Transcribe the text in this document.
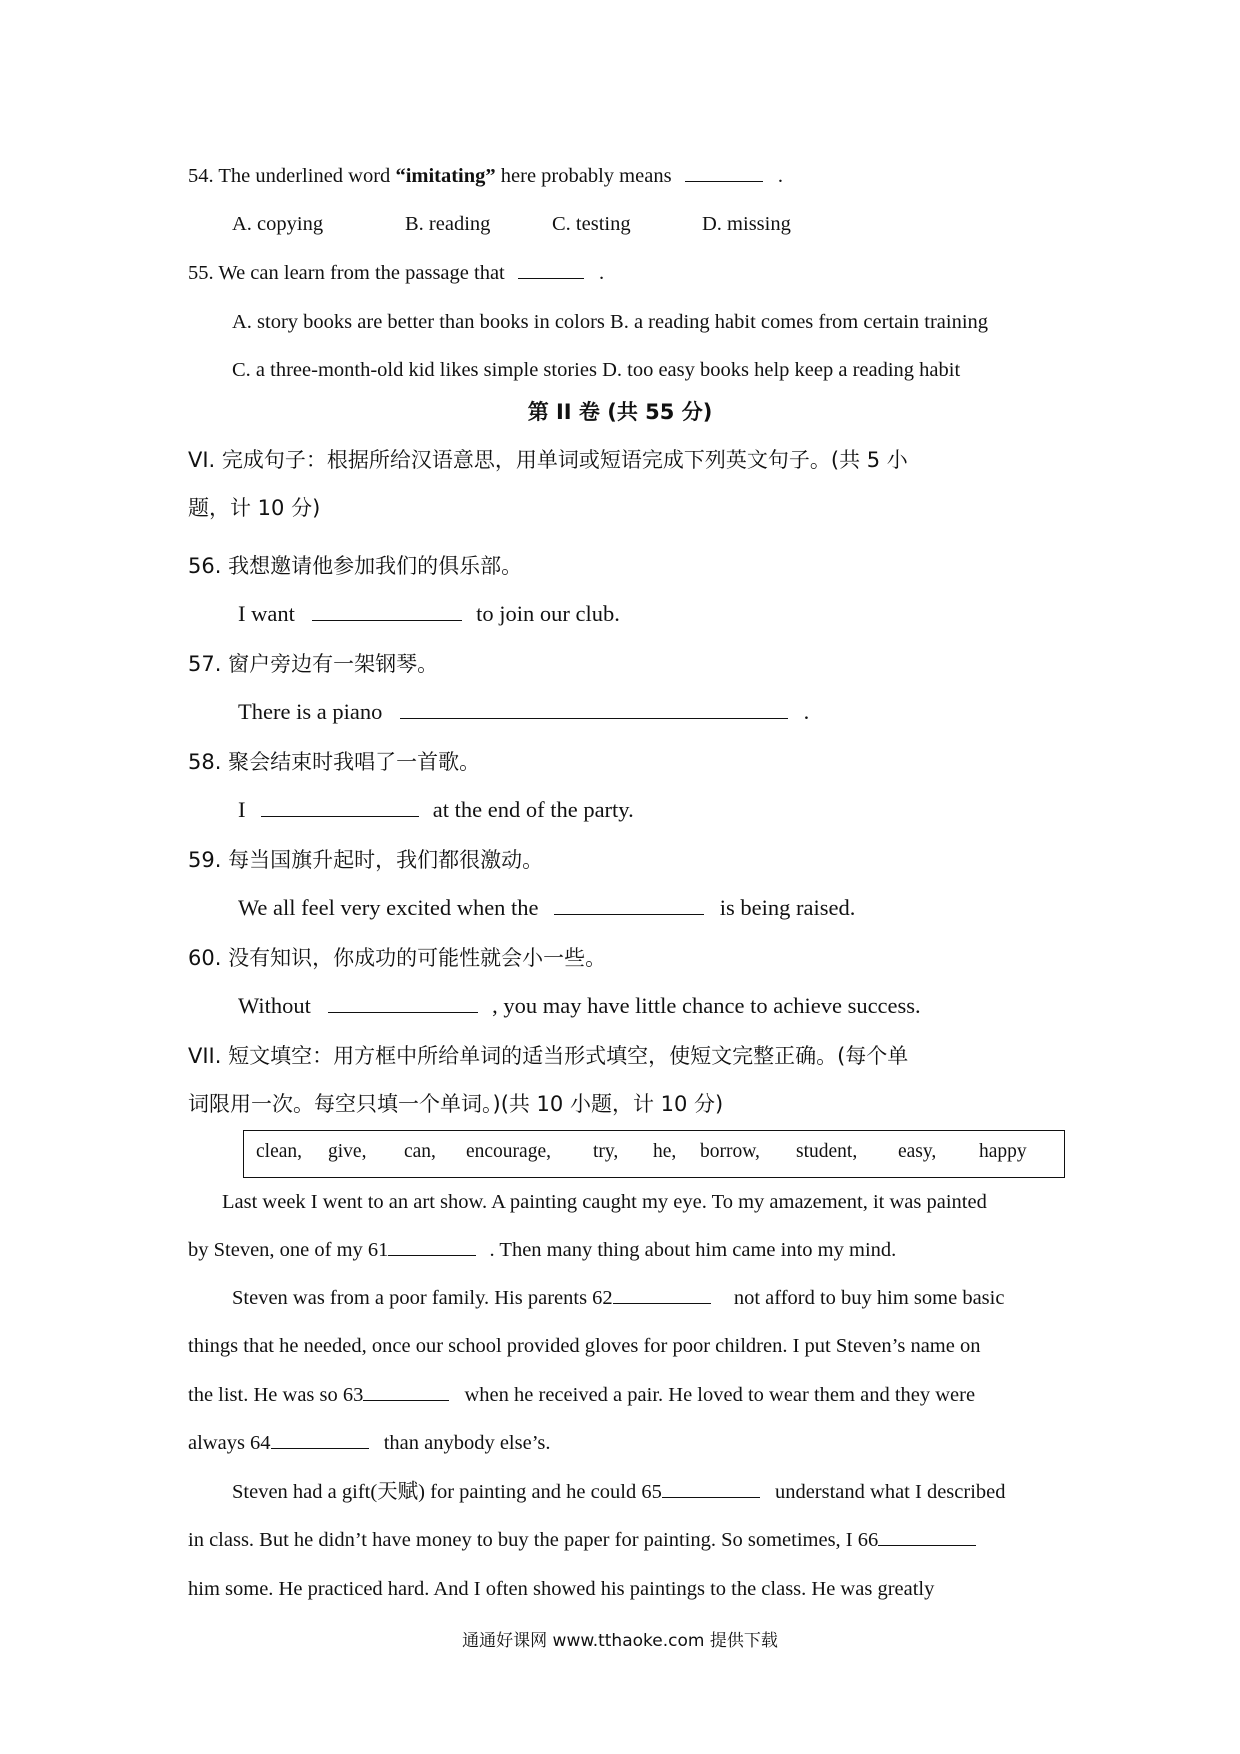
54. The underlined word “imitating” here probably means	.
A. copying	B. reading	C. testing	D. missing
55. We can learn from the passage that	.
A. story books are better than books in colors B. a reading habit comes from certain training
C. a three-month-old kid likes simple stories D. too easy books help keep a reading habit
第 II 卷 (共 55 分)
VI. 完成句子：根据所给汉语意思，用单词或短语完成下列英文句子。(共 5 小
题，计 10 分)
56. 我想邀请他参加我们的俱乐部。
I want	to join our club.
57. 窗户旁边有一架钢琴。
There is a piano	.
58. 聚会结束时我唱了一首歌。
I	at the end of the party.
59. 每当国旗升起时，我们都很激动。
We all feel very excited when the	is being raised.
60. 没有知识，你成功的可能性就会小一些。
Without	, you may have little chance to achieve success.
VII. 短文填空：用方框中所给单词的适当形式填空，使短文完整正确。(每个单
词限用一次。每空只填一个单词。)(共 10 小题，计 10 分)
clean, give, can, encourage, try, he, borrow, student, easy, happy
Last week I went to an art show. A painting caught my eye. To my amazement, it was painted
by Steven, one of my 61	. Then many thing about him came into my mind.
Steven was from a poor family. His parents 62	not afford to buy him some basic
things that he needed, once our school provided gloves for poor children. I put Steven’s name on
the list. He was so 63	when he received a pair. He loved to wear them and they were
always 64	than anybody else’s.
Steven had a gift(天赋) for painting and he could 65	understand what I described
in class. But he didn’t have money to buy the paper for painting. So sometimes, I 66
him some. He practiced hard. And I often showed his paintings to the class. He was greatly
通通好课网 www.tthaoke.com 提供下载
